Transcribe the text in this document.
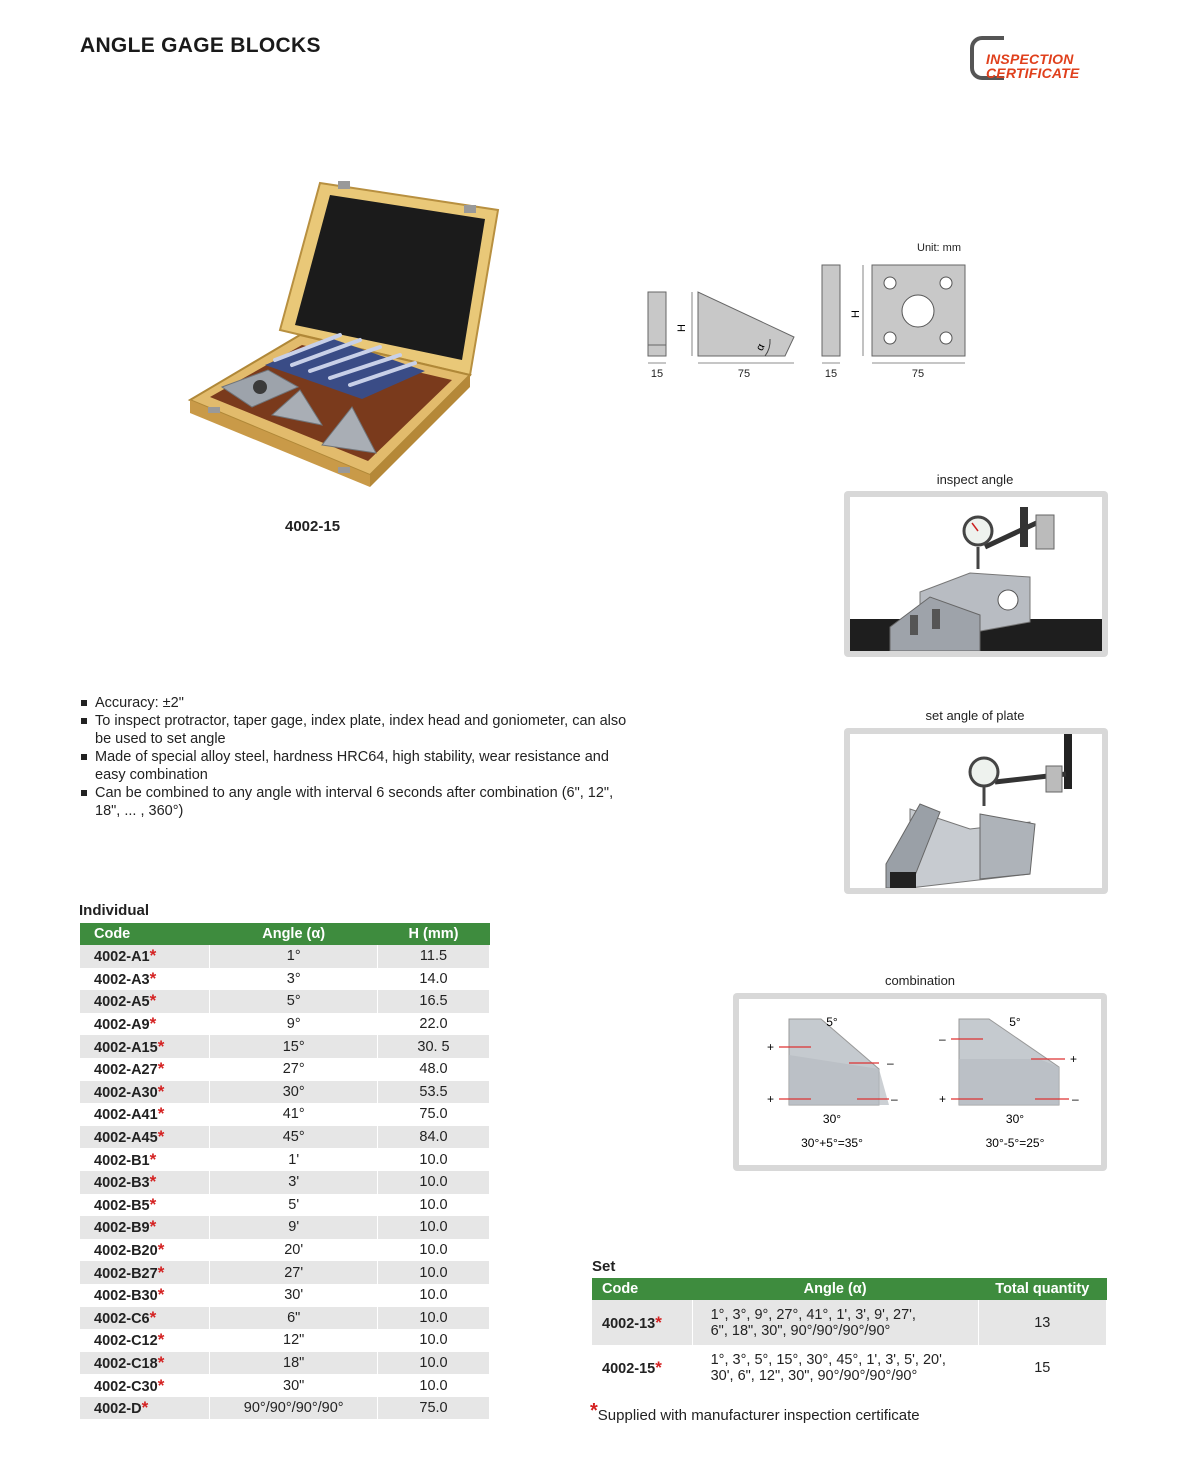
ANGLE GAGE BLOCKS
INSPECTION
CERTIFICATE
4002-15
Unit: mm
H
α
H
15	75	15	75
inspect angle
set angle of plate
Accuracy: ±2"
To inspect protractor, taper gage, index plate, index head and goniometer, can also be used to set angle
Made of special alloy steel, hardness HRC64, high stability, wear resistance and easy combination
Can be combined to any angle with interval 6 seconds after combination (6", 12", 18", ... , 360°)
Individual
Code	Angle (α)	H (mm)
4002-A1*	1°	11.5
4002-A3*	3°	14.0
4002-A5*	5°	16.5
4002-A9*	9°	22.0
4002-A15*	15°	30. 5
4002-A27*	27°	48.0
4002-A30*	30°	53.5
4002-A41*	41°	75.0
4002-A45*	45°	84.0
4002-B1*	1'	10.0
4002-B3*	3'	10.0
4002-B5*	5'	10.0
4002-B9*	9'	10.0
4002-B20*	20'	10.0
4002-B27*	27'	10.0
4002-B30*	30'	10.0
4002-C6*	6"	10.0
4002-C12*	12"	10.0
4002-C18*	18"	10.0
4002-C30*	30"	10.0
4002-D*	90°/90°/90°/90°	75.0
combination
5°
30°
+
–
+	–
30°+5°=35°
5°
30°
–
+
+	–
30°-5°=25°
Set
Code	Angle (α)	Total quantity
4002-13*	1°, 3°, 9°, 27°, 41°, 1', 3', 9', 27',
6", 18", 30", 90°/90°/90°/90°	13
4002-15*	1°, 3°, 5°, 15°, 30°, 45°, 1', 3', 5', 20',
30', 6", 12", 30", 90°/90°/90°/90°	15
*Supplied with manufacturer inspection certificate
